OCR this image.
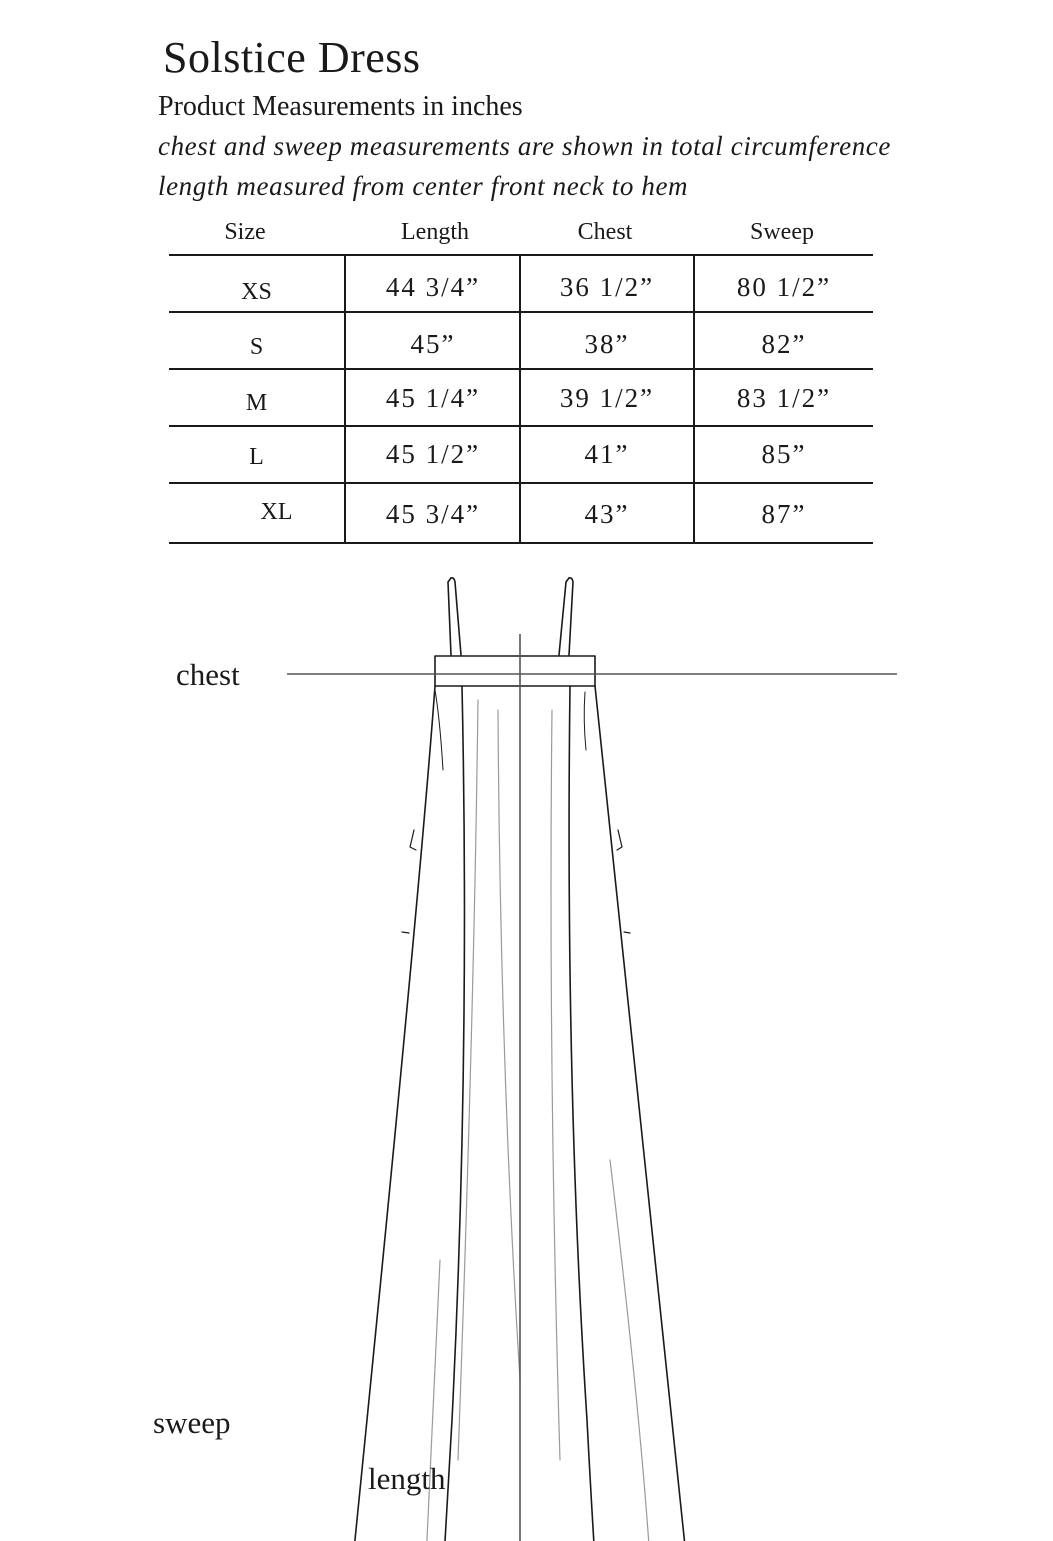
Solstice Dress
Product Measurements in inches
chest and sweep measurements are shown in total circumference
length measured from center front neck to hem
Size	Length	Chest	Sweep
XS	44 3/4”	36 1/2”	80 1/2”
S	45”	38”	82”
M	45 1/4”	39 1/2”	83 1/2”
L	45 1/2”	41”	85”
XL	45 3/4”	43”	87”
chest
sweep
length
